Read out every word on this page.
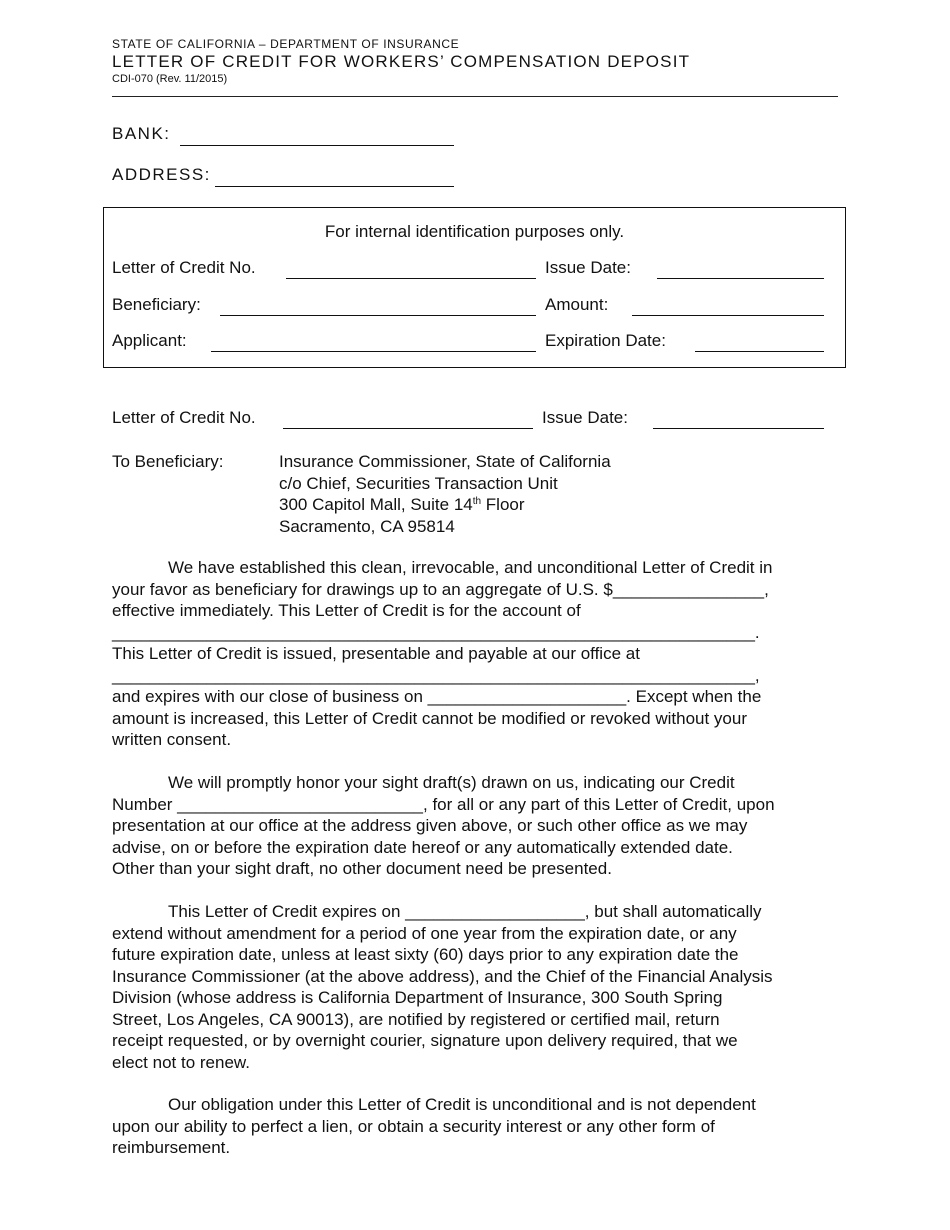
STATE OF CALIFORNIA – DEPARTMENT OF INSURANCE
LETTER OF CREDIT FOR WORKERS’ COMPENSATION DEPOSIT
CDI-070 (Rev. 11/2015)
BANK:
ADDRESS:
For internal identification purposes only.
Letter of Credit No.	Issue Date:
Beneficiary:	Amount:
Applicant:	Expiration Date:
Letter of Credit No.	Issue Date:
To Beneficiary:	Insurance Commissioner, State of California
c/o Chief, Securities Transaction Unit
300 Capitol Mall, Suite 14th Floor
Sacramento, CA 95814

We have established this clean, irrevocable, and unconditional Letter of Credit in

your favor as beneficiary for drawings up to an aggregate of U.S. $________________,

effective immediately. This Letter of Credit is for the account of

____________________________________________________________________.

This Letter of Credit is issued, presentable and payable at our office at

____________________________________________________________________,

and expires with our close of business on _____________________. Except when the

amount is increased, this Letter of Credit cannot be modified or revoked without your

written consent.

We will promptly honor your sight draft(s) drawn on us, indicating our Credit

Number __________________________, for all or any part of this Letter of Credit, upon

presentation at our office at the address given above, or such other office as we may

advise, on or before the expiration date hereof or any automatically extended date.

Other than your sight draft, no other document need be presented.

This Letter of Credit expires on ___________________, but shall automatically

extend without amendment for a period of one year from the expiration date, or any

future expiration date, unless at least sixty (60) days prior to any expiration date the

Insurance Commissioner (at the above address), and the Chief of the Financial Analysis

Division (whose address is California Department of Insurance, 300 South Spring

Street, Los Angeles, CA 90013), are notified by registered or certified mail, return

receipt requested, or by overnight courier, signature upon delivery required, that we

elect not to renew.

Our obligation under this Letter of Credit is unconditional and is not dependent

upon our ability to perfect a lien, or obtain a security interest or any other form of

reimbursement.
